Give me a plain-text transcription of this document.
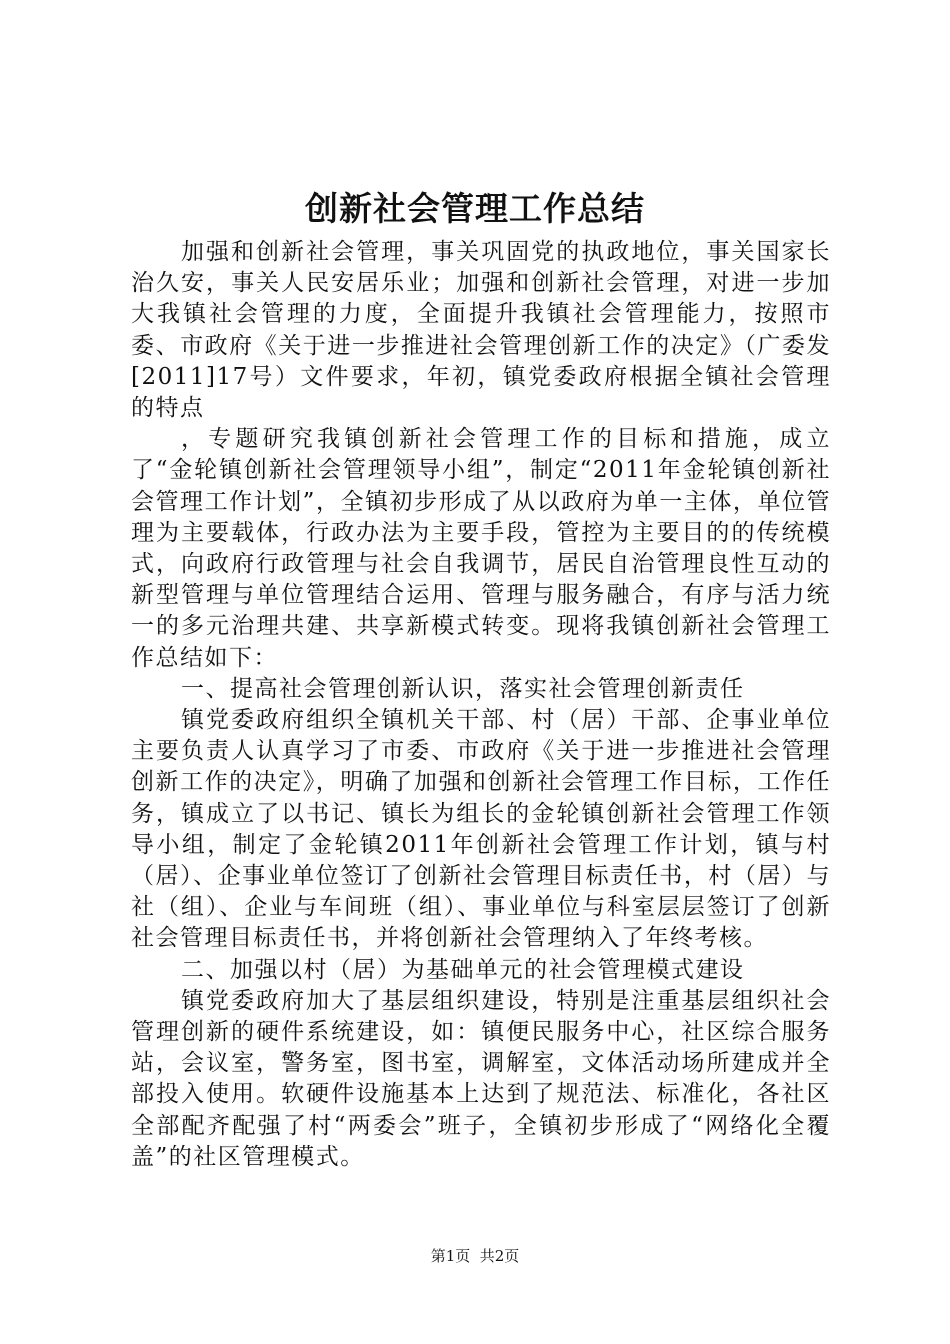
创新社会管理工作总结

加强和创新社会管理，事关巩固党的执政地位，事关国家长治久安，事关人民安居乐业；加强和创新社会管理，对进一步加大我镇社会管理的力度，全面提升我镇社会管理能力，按照市委、市政府《关于进一步推进社会管理创新工作的决定》（广委发[2011]17号）文件要求，年初，镇党委政府根据全镇社会管理的特点

，专题研究我镇创新社会管理工作的目标和措施，成立了“金轮镇创新社会管理领导小组”，制定“2011年金轮镇创新社会管理工作计划”，全镇初步形成了从以政府为单一主体，单位管理为主要载体，行政办法为主要手段，管控为主要目的的传统模式，向政府行政管理与社会自我调节，居民自治管理良性互动的新型管理与单位管理结合运用、管理与服务融合，有序与活力统一的多元治理共建、共享新模式转变。现将我镇创新社会管理工作总结如下：

一、提高社会管理创新认识，落实社会管理创新责任

镇党委政府组织全镇机关干部、村（居）干部、企事业单位主要负责人认真学习了市委、市政府《关于进一步推进社会管理创新工作的决定》，明确了加强和创新社会管理工作目标，工作任务，镇成立了以书记、镇长为组长的金轮镇创新社会管理工作领导小组，制定了金轮镇2011年创新社会管理工作计划，镇与村（居）、企事业单位签订了创新社会管理目标责任书，村（居）与社（组）、企业与车间班（组）、事业单位与科室层层签订了创新社会管理目标责任书，并将创新社会管理纳入了年终考核。

二、加强以村（居）为基础单元的社会管理模式建设

镇党委政府加大了基层组织建设，特别是注重基层组织社会管理创新的硬件系统建设，如：镇便民服务中心，社区综合服务站，会议室，警务室，图书室，调解室，文体活动场所建成并全部投入使用。软硬件设施基本上达到了规范法、标准化，各社区全部配齐配强了村“两委会”班子，全镇初步形成了“网络化全覆盖”的社区管理模式。

第1页  共2页
